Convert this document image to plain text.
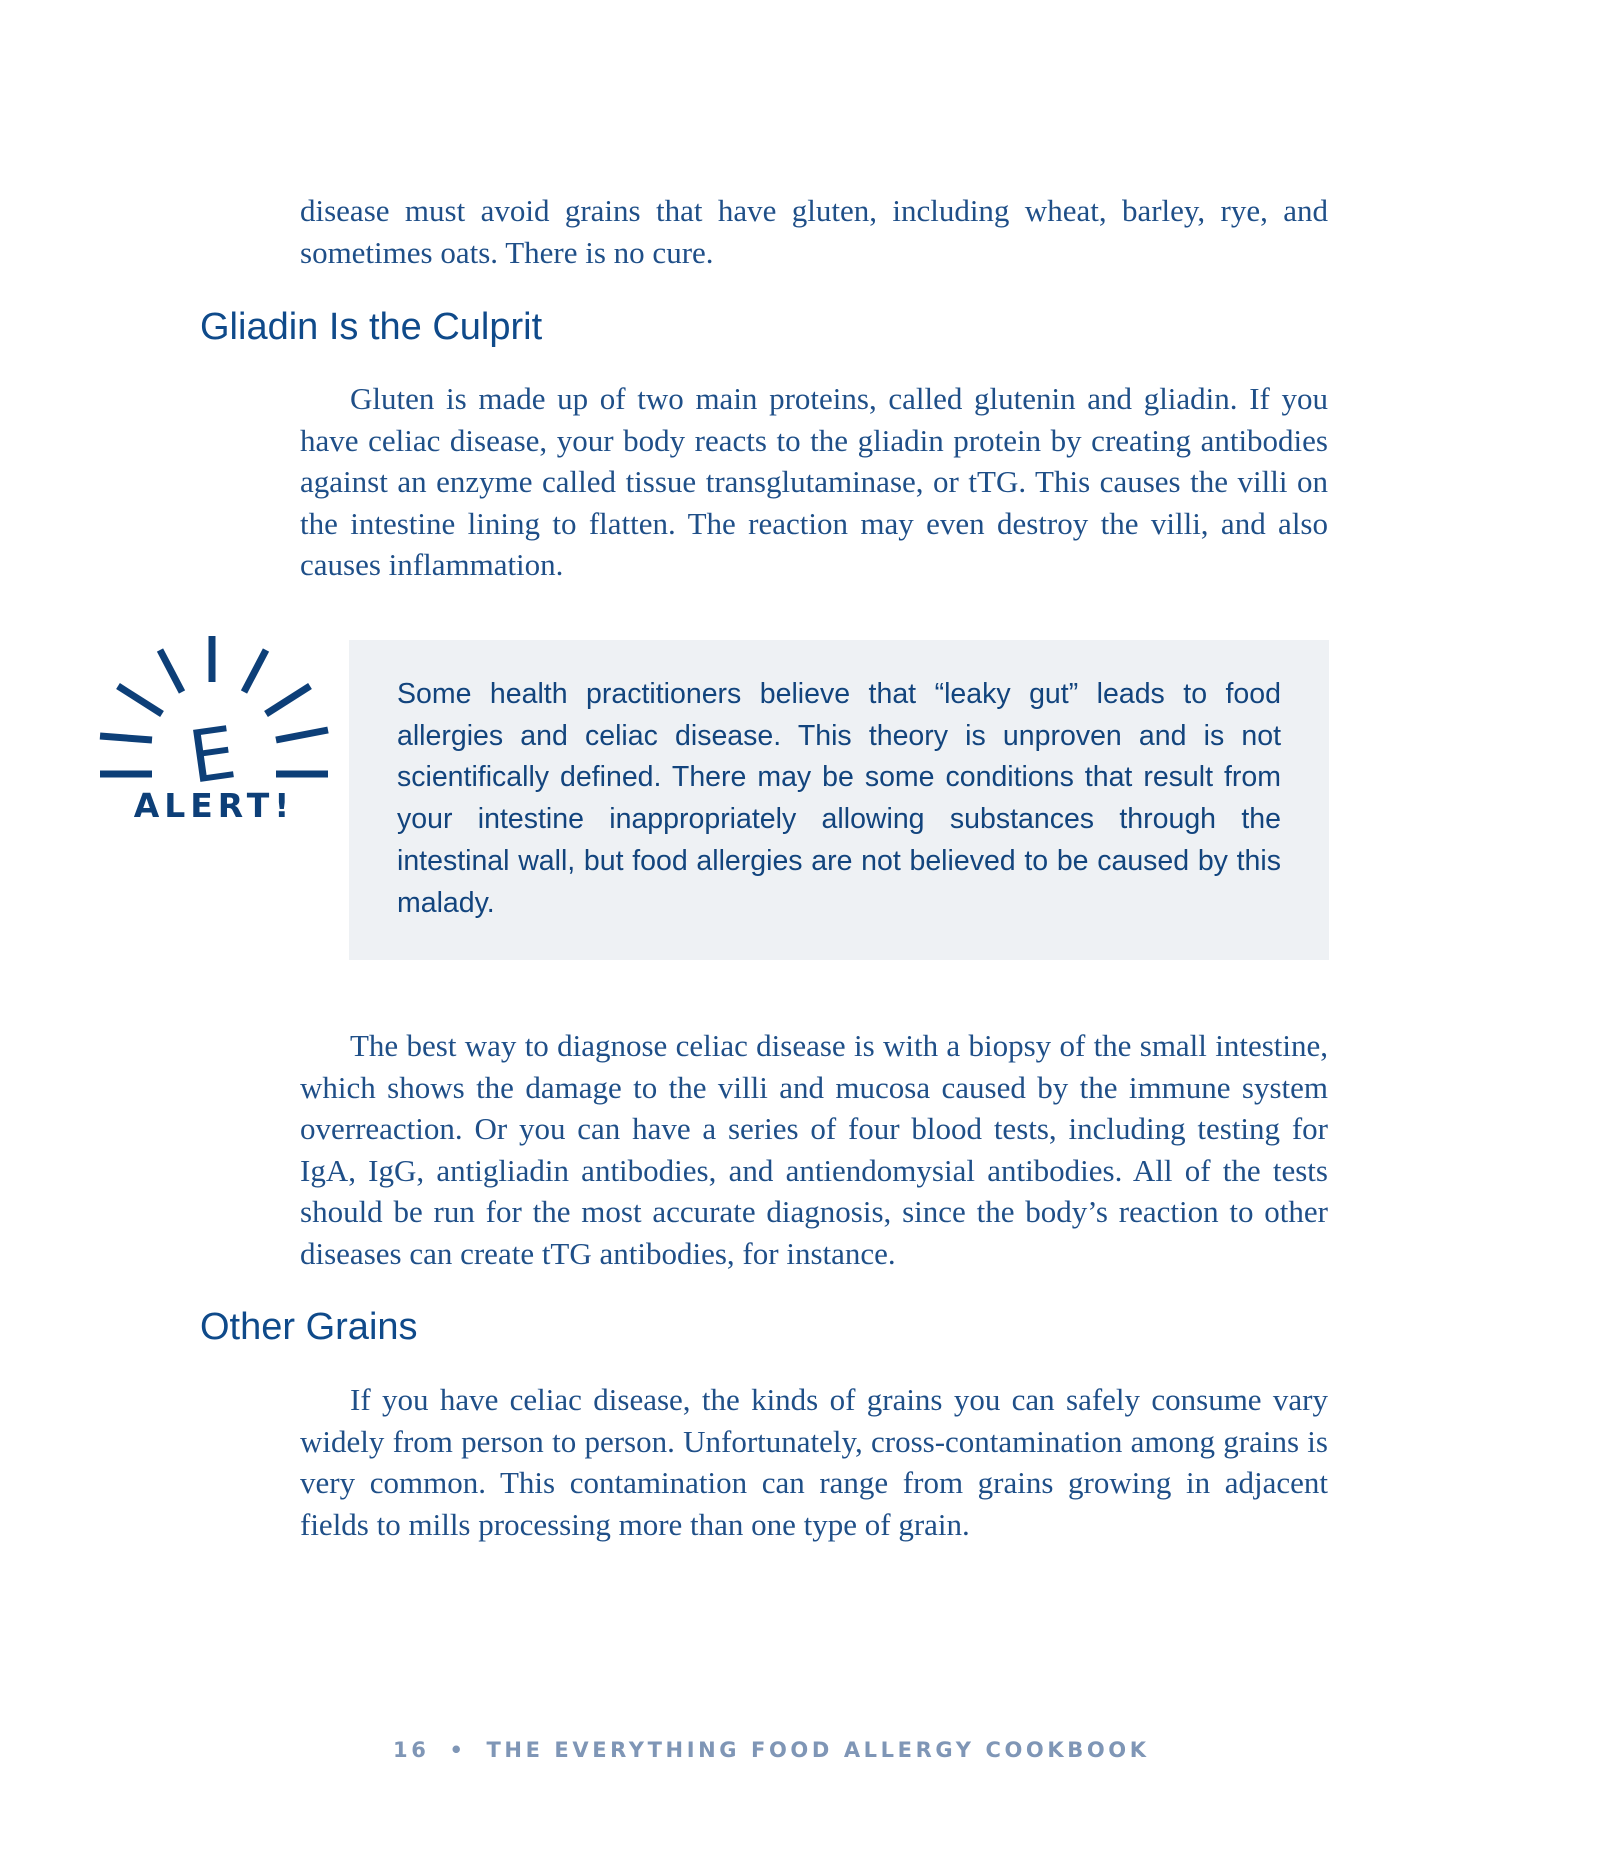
disease must avoid grains that have gluten, including wheat, barley, rye, and sometimes oats. There is no cure.

Gliadin Is the Culprit

Gluten is made up of two main proteins, called glutenin and gliadin. If you have celiac disease, your body reacts to the gliadin protein by creating antibodies against an enzyme called tissue transglutaminase, or tTG. This causes the villi on the intestine lining to flatten. The reaction may even destroy the villi, and also causes inflammation.

E
ALERT!

Some health practitioners believe that “leaky gut” leads to food allergies and celiac disease. This theory is unproven and is not scientifically defined. There may be some conditions that result from your intestine inappropriately allowing substances through the intestinal wall, but food allergies are not believed to be caused by this malady.

The best way to diagnose celiac disease is with a biopsy of the small intestine, which shows the damage to the villi and mucosa caused by the immune system overreaction. Or you can have a series of four blood tests, including testing for IgA, IgG, antigliadin antibodies, and antiendomysial antibodies. All of the tests should be run for the most accurate diagnosis, since the body’s reaction to other diseases can create tTG antibodies, for instance.

Other Grains

If you have celiac disease, the kinds of grains you can safely consume vary widely from person to person. Unfortunately, cross-contamination among grains is very common. This contamination can range from grains growing in adjacent fields to mills processing more than one type of grain.

16 • THE EVERYTHING FOOD ALLERGY COOKBOOK
